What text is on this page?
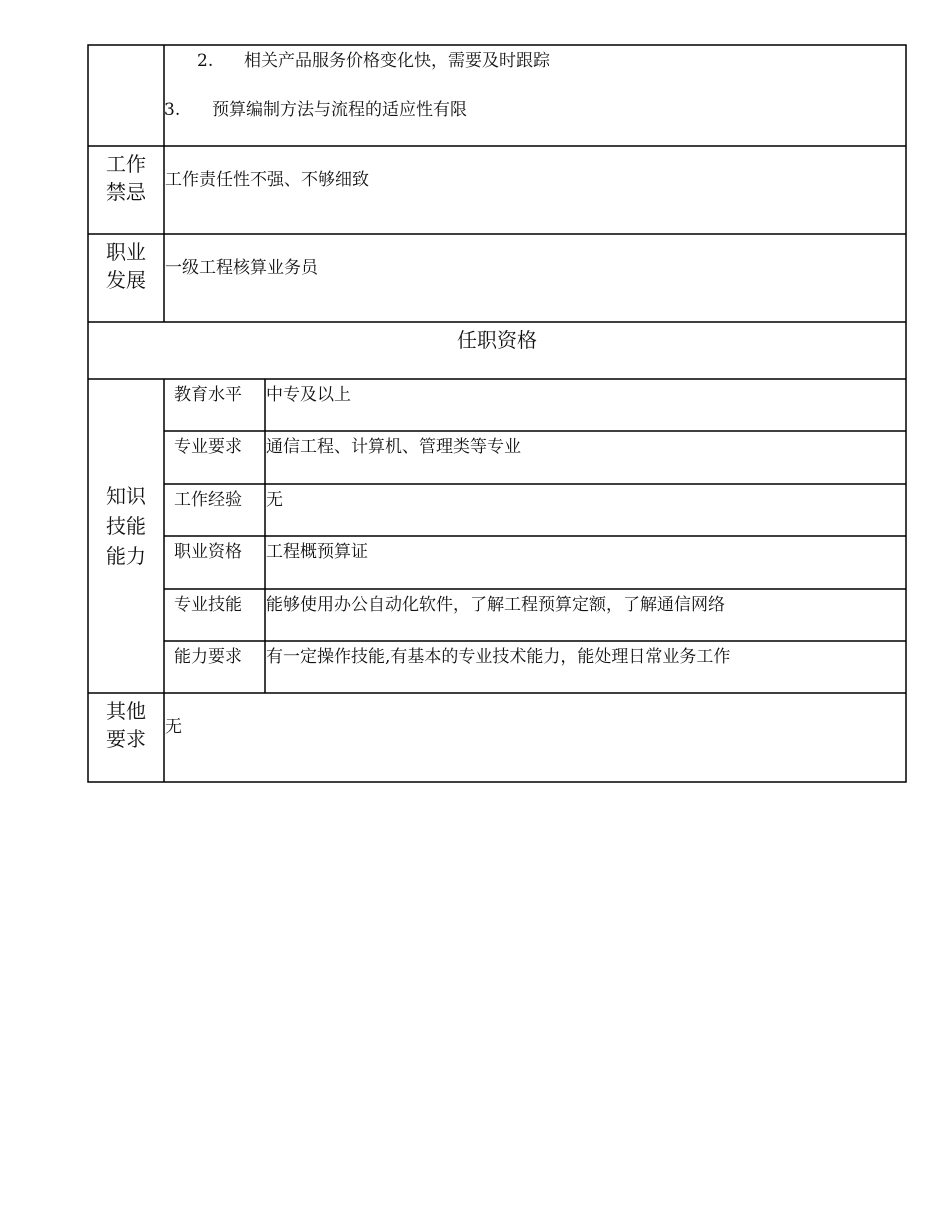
2. 相关产品服务价格变化快，需要及时跟踪
3. 预算编制方法与流程的适应性有限
工作
禁忌	工作责任性不强、不够细致
职业
发展	一级工程核算业务员
任职资格
知识
技能
能力
教育水平 中专及以上
专业要求 通信工程、计算机、管理类等专业
工作经验 无
职业资格 工程概预算证
专业技能 能够使用办公自动化软件，了解工程预算定额，了解通信网络
能力要求 有一定操作技能,有基本的专业技术能力，能处理日常业务工作
其他
要求	无
